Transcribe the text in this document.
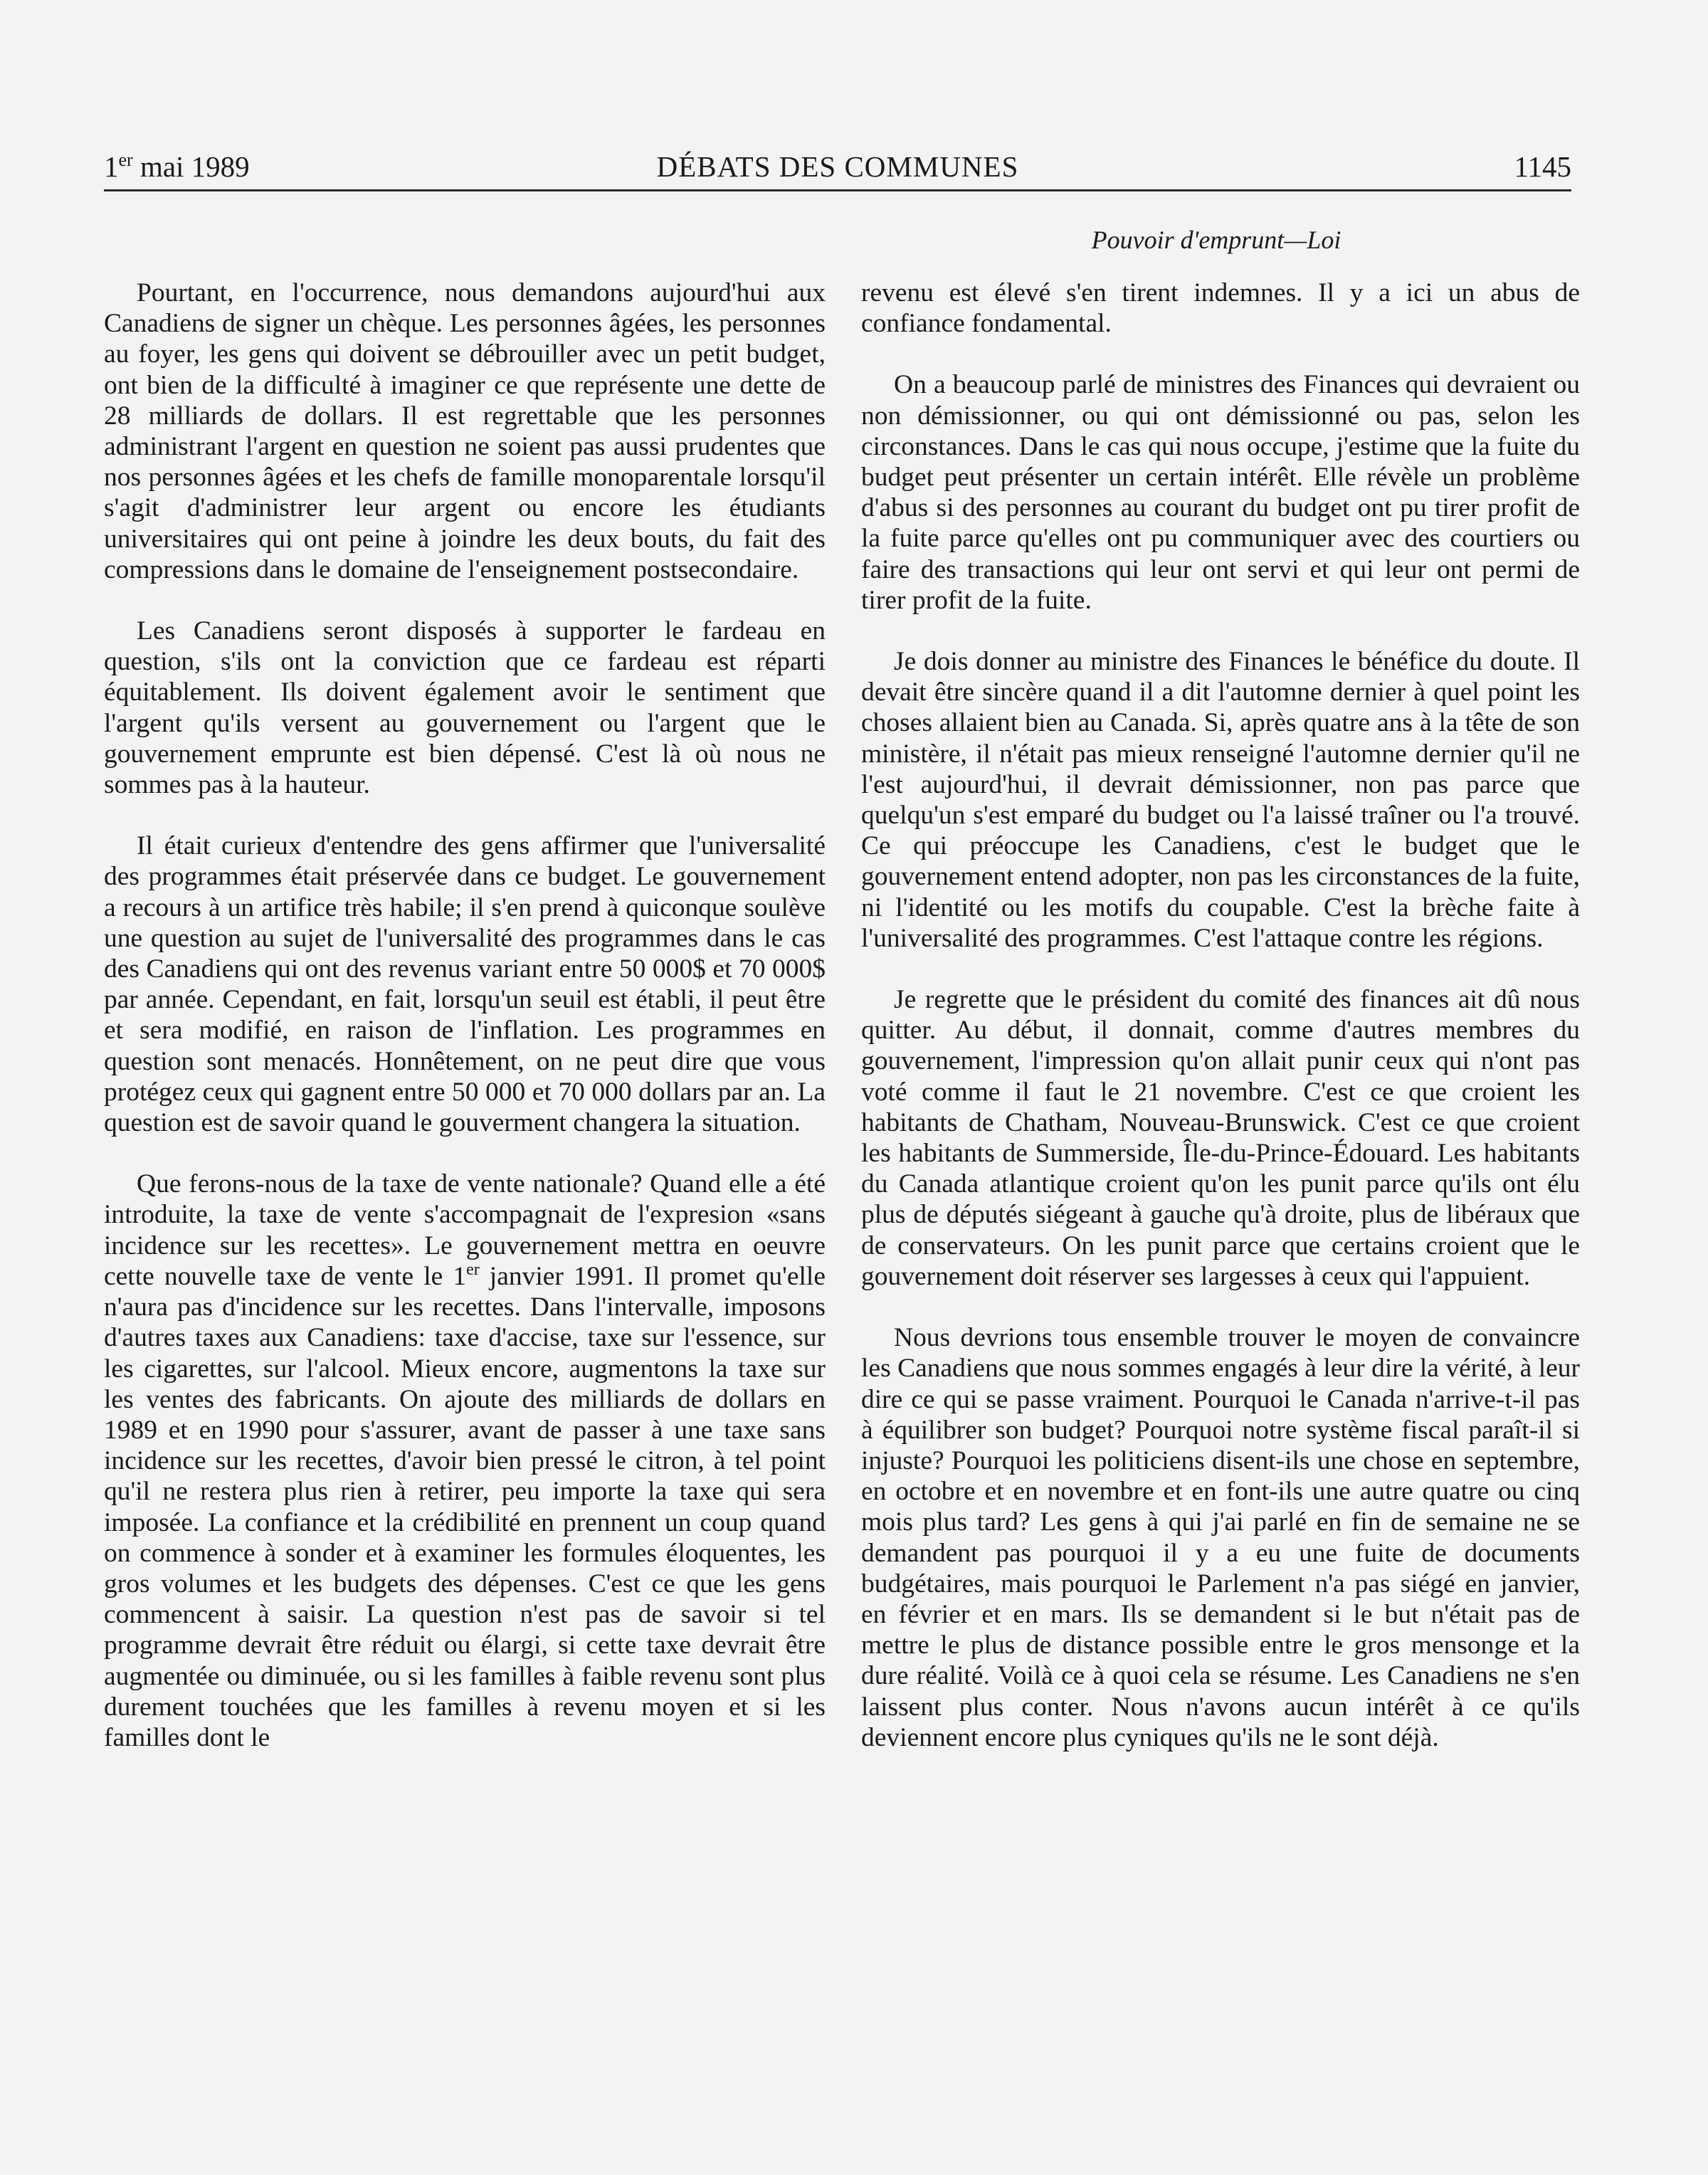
1er mai 1989	DÉBATS DES COMMUNES	1145
Pouvoir d'emprunt—Loi

Pourtant, en l'occurrence, nous demandons aujourd'hui aux Canadiens de signer un chèque. Les personnes âgées, les personnes au foyer, les gens qui doivent se débrouiller avec un petit budget, ont bien de la difficulté à imaginer ce que représente une dette de 28 milliards de dollars. Il est regrettable que les personnes administrant l'argent en question ne soient pas aussi prudentes que nos personnes âgées et les chefs de famille monoparentale lorsqu'il s'agit d'administrer leur argent ou encore les étudiants universitaires qui ont peine à joindre les deux bouts, du fait des compressions dans le domaine de l'enseignement postsecondaire.

Les Canadiens seront disposés à supporter le fardeau en question, s'ils ont la conviction que ce fardeau est réparti équitablement. Ils doivent également avoir le sentiment que l'argent qu'ils versent au gouvernement ou l'argent que le gouvernement emprunte est bien dépensé. C'est là où nous ne sommes pas à la hauteur.

Il était curieux d'entendre des gens affirmer que l'universalité des programmes était préservée dans ce budget. Le gouvernement a recours à un artifice très habile; il s'en prend à quiconque soulève une question au sujet de l'universalité des programmes dans le cas des Canadiens qui ont des revenus variant entre 50 000$ et 70 000$ par année. Cependant, en fait, lorsqu'un seuil est établi, il peut être et sera modifié, en raison de l'inflation. Les programmes en question sont menacés. Honnêtement, on ne peut dire que vous protégez ceux qui gagnent entre 50 000 et 70 000 dollars par an. La question est de savoir quand le gouverment changera la situation.

Que ferons-nous de la taxe de vente nationale? Quand elle a été introduite, la taxe de vente s'accompagnait de l'expresion «sans incidence sur les recettes». Le gouvernement mettra en oeuvre cette nouvelle taxe de vente le 1er janvier 1991. Il promet qu'elle n'aura pas d'incidence sur les recettes. Dans l'intervalle, imposons d'autres taxes aux Canadiens: taxe d'accise, taxe sur l'essence, sur les cigarettes, sur l'alcool. Mieux encore, augmentons la taxe sur les ventes des fabricants. On ajoute des milliards de dollars en 1989 et en 1990 pour s'assurer, avant de passer à une taxe sans incidence sur les recettes, d'avoir bien pressé le citron, à tel point qu'il ne restera plus rien à retirer, peu importe la taxe qui sera imposée. La confiance et la crédibilité en prennent un coup quand on commence à sonder et à examiner les formules éloquentes, les gros volumes et les budgets des dépenses. C'est ce que les gens commencent à saisir. La question n'est pas de savoir si tel programme devrait être réduit ou élargi, si cette taxe devrait être augmentée ou diminuée, ou si les familles à faible revenu sont plus durement touchées que les familles à revenu moyen et si les familles dont le

revenu est élevé s'en tirent indemnes. Il y a ici un abus de confiance fondamental.

On a beaucoup parlé de ministres des Finances qui devraient ou non démissionner, ou qui ont démissionné ou pas, selon les circonstances. Dans le cas qui nous occupe, j'estime que la fuite du budget peut présenter un certain intérêt. Elle révèle un problème d'abus si des personnes au courant du budget ont pu tirer profit de la fuite parce qu'elles ont pu communiquer avec des courtiers ou faire des transactions qui leur ont servi et qui leur ont permi de tirer profit de la fuite.

Je dois donner au ministre des Finances le bénéfice du doute. Il devait être sincère quand il a dit l'automne dernier à quel point les choses allaient bien au Canada. Si, après quatre ans à la tête de son ministère, il n'était pas mieux renseigné l'automne dernier qu'il ne l'est aujourd'hui, il devrait démissionner, non pas parce que quelqu'un s'est emparé du budget ou l'a laissé traîner ou l'a trouvé. Ce qui préoccupe les Canadiens, c'est le budget que le gouvernement entend adopter, non pas les circonstances de la fuite, ni l'identité ou les motifs du coupable. C'est la brèche faite à l'universalité des programmes. C'est l'attaque contre les régions.

Je regrette que le président du comité des finances ait dû nous quitter. Au début, il donnait, comme d'autres membres du gouvernement, l'impression qu'on allait punir ceux qui n'ont pas voté comme il faut le 21 novembre. C'est ce que croient les habitants de Chatham, Nouveau-Brunswick. C'est ce que croient les habitants de Summerside, Île-du-Prince-Édouard. Les habitants du Canada atlantique croient qu'on les punit parce qu'ils ont élu plus de députés siégeant à gauche qu'à droite, plus de libéraux que de conservateurs. On les punit parce que certains croient que le gouvernement doit réserver ses largesses à ceux qui l'appuient.

Nous devrions tous ensemble trouver le moyen de convaincre les Canadiens que nous sommes engagés à leur dire la vérité, à leur dire ce qui se passe vraiment. Pourquoi le Canada n'arrive-t-il pas à équilibrer son budget? Pourquoi notre système fiscal paraît-il si injuste? Pourquoi les politiciens disent-ils une chose en septembre, en octobre et en novembre et en font-ils une autre quatre ou cinq mois plus tard? Les gens à qui j'ai parlé en fin de semaine ne se demandent pas pourquoi il y a eu une fuite de documents budgétaires, mais pourquoi le Parlement n'a pas siégé en janvier, en février et en mars. Ils se demandent si le but n'était pas de mettre le plus de distance possible entre le gros mensonge et la dure réalité. Voilà ce à quoi cela se résume. Les Canadiens ne s'en laissent plus conter. Nous n'avons aucun intérêt à ce qu'ils deviennent encore plus cyniques qu'ils ne le sont déjà.
